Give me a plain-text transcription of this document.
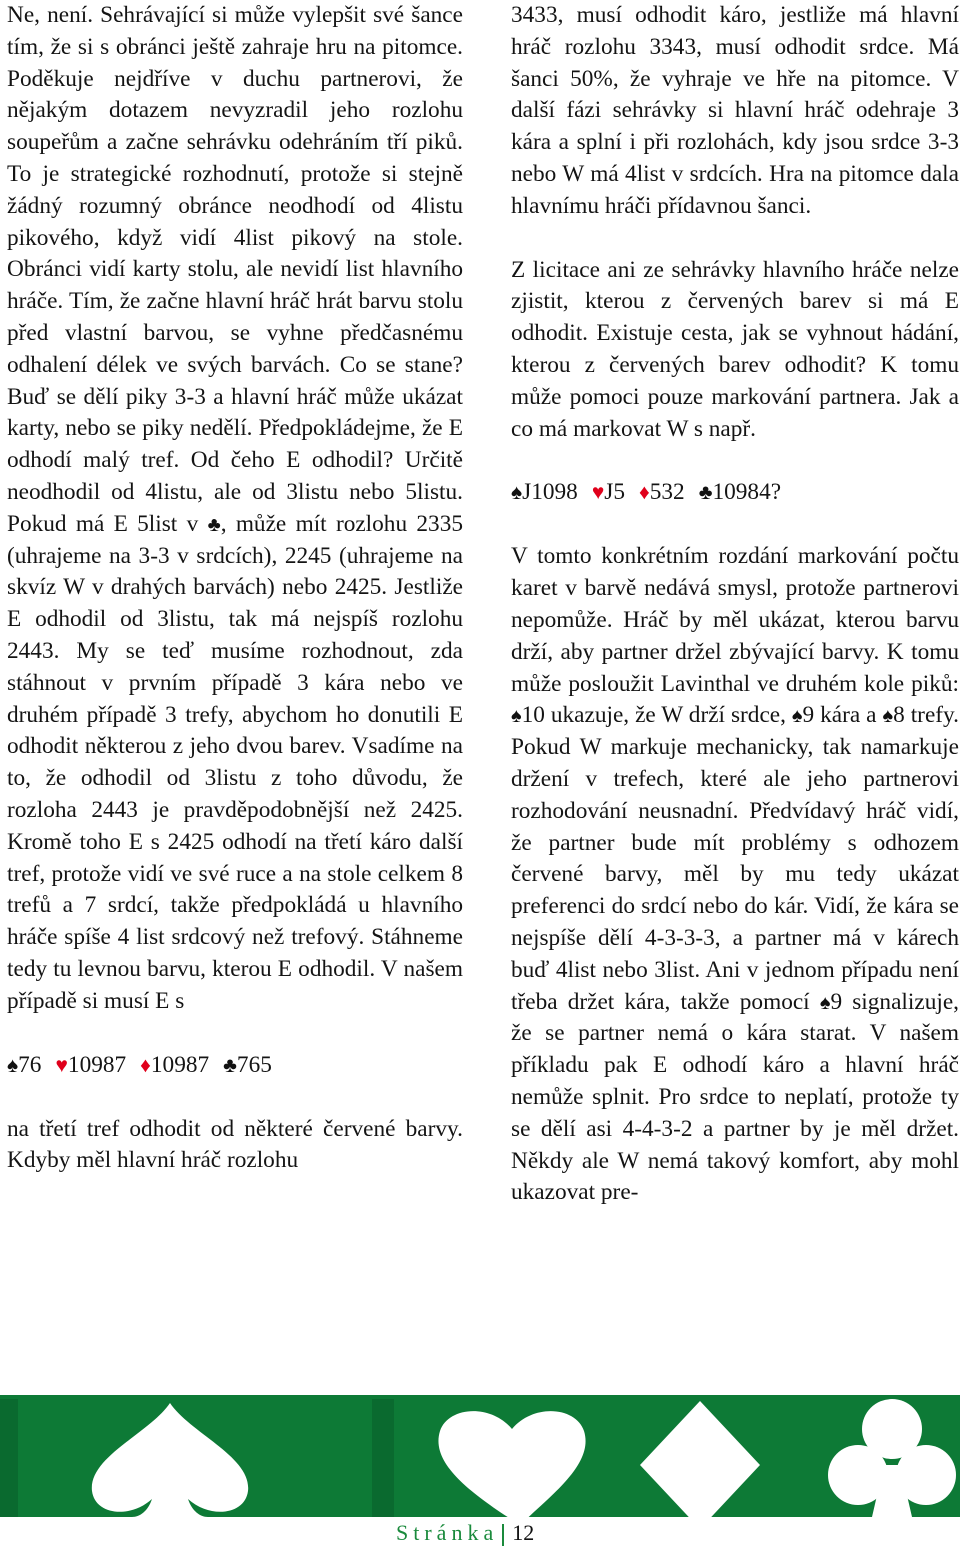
Ne, není. Sehrávající si může vylepšit své šance tím, že si s obránci ještě zahraje hru na pitomce. Poděkuje nejdříve v duchu partnerovi, že nějakým dotazem nevyzradil jeho rozlohu soupeřům a začne sehrávku odehráním tří piků. To je strategické rozhodnutí, protože si stejně žádný rozumný obránce neodhodí od 4listu pikového, když vidí 4list pikový na stole. Obránci vidí karty stolu, ale nevidí list hlavního hráče. Tím, že začne hlavní hráč hrát barvu stolu před vlastní barvou, se vyhne předčasnému odhalení délek ve svých barvách. Co se stane? Buď se dělí piky 3-3 a hlavní hráč může ukázat karty, nebo se piky nedělí. Předpokládejme, že E odhodí malý tref. Od čeho E odhodil? Určitě neodhodil od 4listu, ale od 3listu nebo 5listu. Pokud má E 5list v ♣, může mít rozlohu 2335 (uhrajeme na 3-3 v srdcích), 2245 (uhrajeme na skvíz W v drahých barvách) nebo 2425. Jestliže E odhodil od 3listu, tak má nejspíš rozlohu 2443. My se teď musíme rozhodnout, zda stáhnout v prvním případě 3 kára nebo ve druhém případě 3 trefy, abychom ho donutili E odhodit některou z jeho dvou barev. Vsadíme na to, že odhodil od 3listu z toho důvodu, že rozloha 2443 je pravděpodobnější než 2425. Kromě toho E s 2425 odhodí na třetí káro další tref, protože vidí ve své ruce a na stole celkem 8 trefů a 7 srdcí, takže předpokládá u hlavního hráče spíše 4 list srdcový než trefový. Stáhneme tedy tu levnou barvu, kterou E odhodil. V našem případě si musí E s

♠76 ♥10987 ♦10987 ♣765

na třetí tref odhodit od některé červené barvy. Kdyby měl hlavní hráč rozlohu

3433, musí odhodit káro, jestliže má hlavní hráč rozlohu 3343, musí odhodit srdce. Má šanci 50%, že vyhraje ve hře na pitomce. V další fázi sehrávky si hlavní hráč odehraje 3 kára a splní i při rozlohách, kdy jsou srdce 3-3 nebo W má 4list v srdcích. Hra na pitomce dala hlavnímu hráči přídavnou šanci.

Z licitace ani ze sehrávky hlavního hráče nelze zjistit, kterou z červených barev si má E odhodit. Existuje cesta, jak se vyhnout hádání, kterou z červených barev odhodit? K tomu může pomoci pouze markování partnera. Jak a co má markovat W s např.

♠J1098 ♥J5 ♦532 ♣10984?

V tomto konkrétním rozdání markování počtu karet v barvě nedává smysl, protože partnerovi nepomůže. Hráč by měl ukázat, kterou barvu drží, aby partner držel zbývající barvy. K tomu může posloužit Lavinthal ve druhém kole piků: ♠10 ukazuje, že W drží srdce, ♠9 kára a ♠8 trefy. Pokud W markuje mechanicky, tak namarkuje držení v trefech, které ale jeho partnerovi rozhodování neusnadní. Předvídavý hráč vidí, že partner bude mít problémy s odhozem červené barvy, měl by mu tedy ukázat preferenci do srdcí nebo do kár. Vidí, že kára se nejspíše dělí 4-3-3-3, a partner má v kárech buď 4list nebo 3list. Ani v jednom případu není třeba držet kára, takže pomocí ♠9 signalizuje, že se partner nemá o kára starat. V našem příkladu pak E odhodí káro a hlavní hráč nemůže splnit. Pro srdce to neplatí, protože ty se dělí asi 4-4-3-2 a partner by je měl držet. Někdy ale W nemá takový komfort, aby mohl ukazovat pre-

Stránka 12
